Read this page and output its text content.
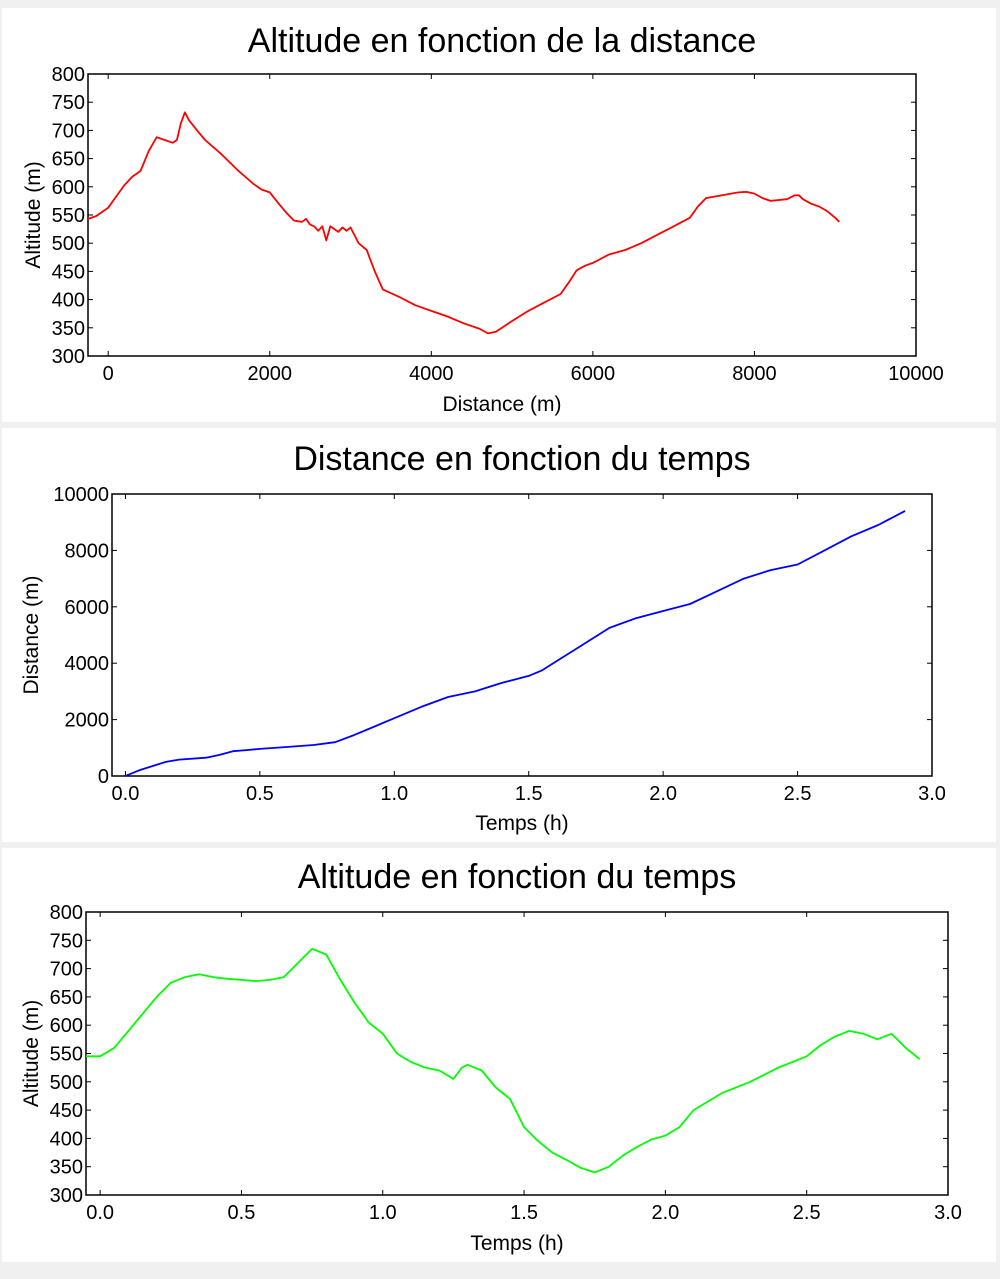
Altitude en fonction de la distance
Distance (m)
Altitude (m)
0	2000	4000	6000	8000	10000
300
350
400
450
500
550
600
650
700
750
800
Distance en fonction du temps
Temps (h)
Distance (m)
0.0	0.5	1.0	1.5	2.0	2.5	3.0
0
2000
4000
6000
8000
10000
Altitude en fonction du temps
Temps (h)
Altitude (m)
0.0	0.5	1.0	1.5	2.0	2.5	3.0
300
350
400
450
500
550
600
650
700
750
800
